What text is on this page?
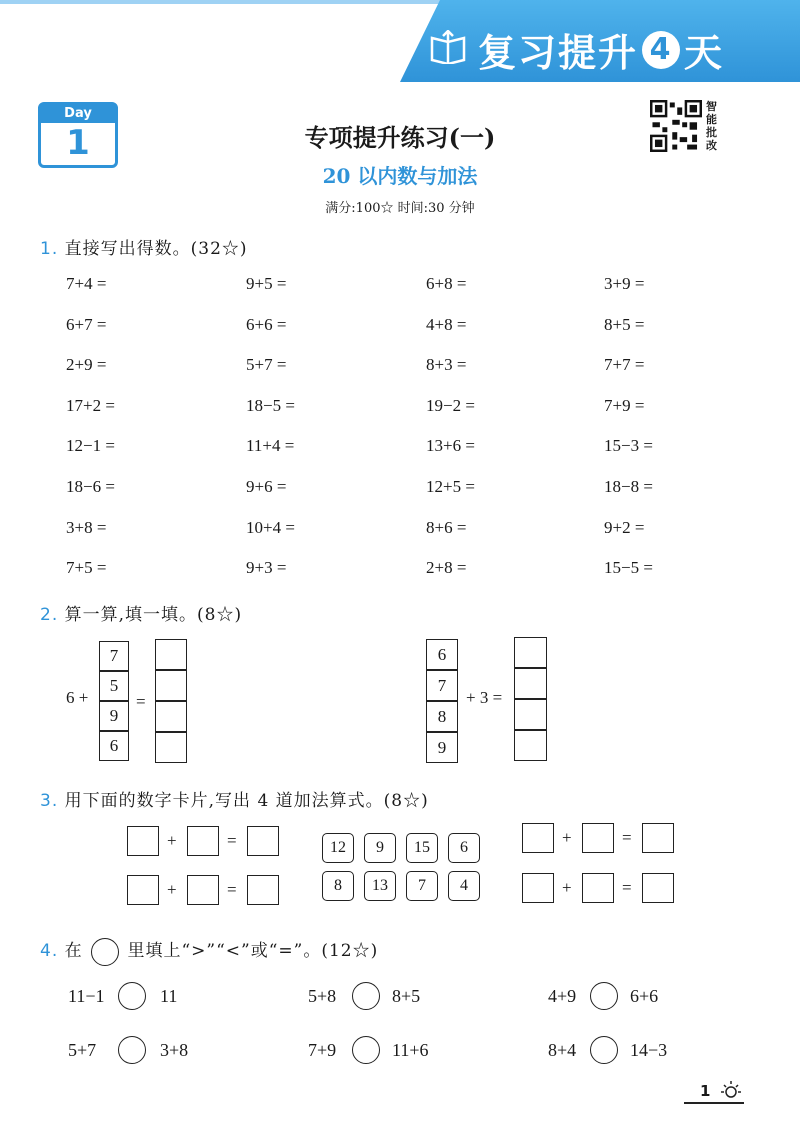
复习提升 4 天
Day
1	专项提升练习(一)
20 以内数与加法
满分:100☆ 时间:30 分钟
智能批改
1. 直接写出得数。(32☆)
7+4 =	9+5 =	6+8 =	3+9 =
6+7 =	6+6 =	4+8 =	8+5 =
2+9 =	5+7 =	8+3 =	7+7 =
17+2 =	18−5 =	19−2 =	7+9 =
12−1 =	11+4 =	13+6 =	15−3 =
18−6 =	9+6 =	12+5 =	18−8 =
3+8 =	10+4 =	8+6 =	9+2 =
7+5 =	9+3 =	2+8 =	15−5 =
2. 算一算,填一填。(8☆)
6 +
7
5
9
6
=
6
7
8
9
+ 3 =
3. 用下面的数字卡片,写出 4 道加法算式。(8☆)
+	=
+	=
+	=
+	=
12	9	15	6
8	13	7	4
4. 在	里填上“>”“<”或“=”。(12☆)
11−1	11	5+8	8+5	4+9	6+6
5+7	3+8	7+9	11+6	8+4	14−3
1
